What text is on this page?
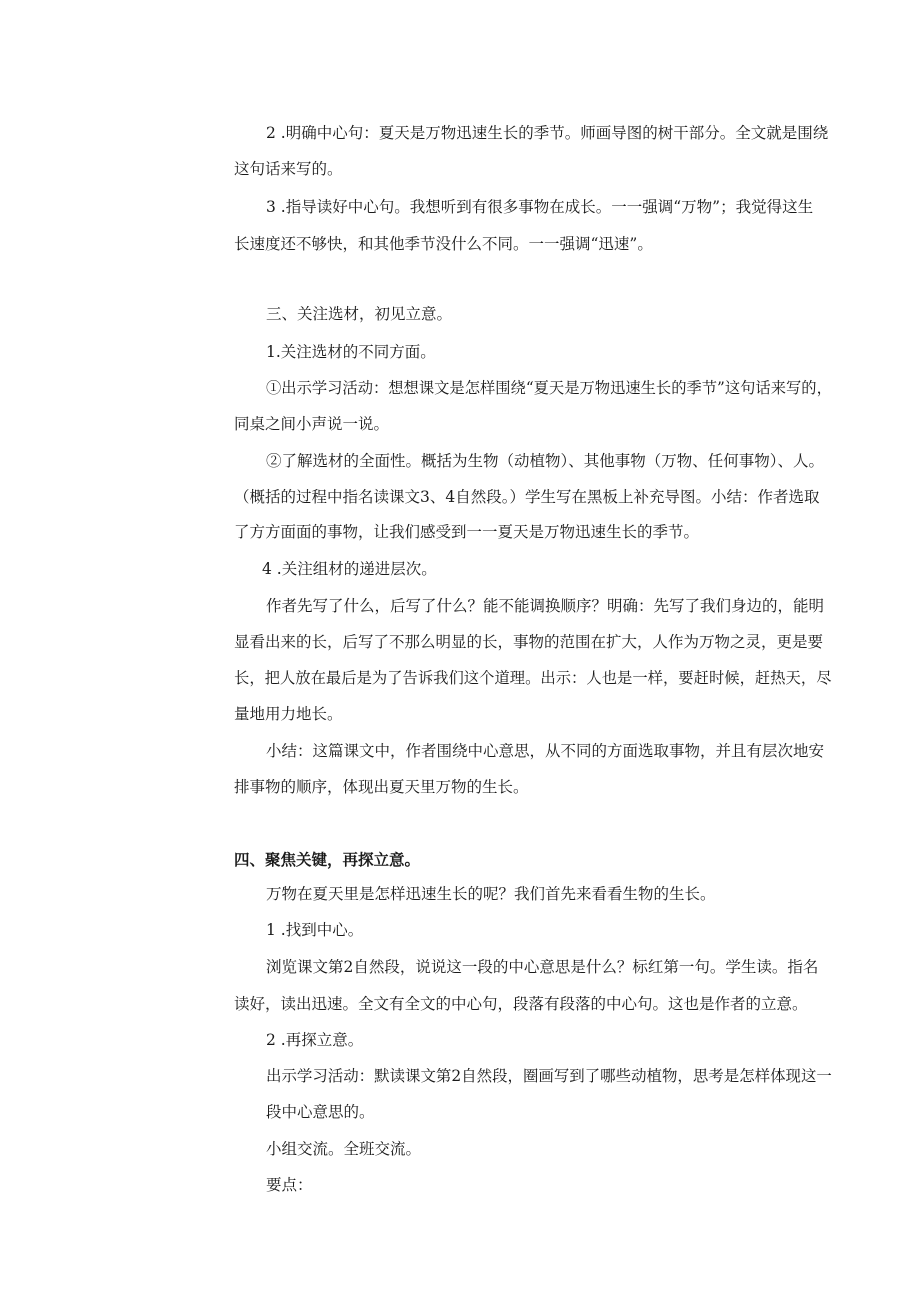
2 .明确中心句：夏天是万物迅速生长的季节。师画导图的树干部分。全文就是围绕
这句话来写的。
3 .指导读好中心句。我想听到有很多事物在成长。一一强调“万物”；我觉得这生
长速度还不够快，和其他季节没什么不同。一一强调“迅速”。
三、关注选材，初见立意。
1.关注选材的不同方面。
①出示学习活动：想想课文是怎样围绕“夏天是万物迅速生长的季节”这句话来写的，
同桌之间小声说一说。
②了解选材的全面性。概括为生物（动植物）、其他事物（万物、任何事物）、人。
（概括的过程中指名读课文3、4自然段。）学生写在黑板上补充导图。小结：作者选取
了方方面面的事物，让我们感受到一一夏天是万物迅速生长的季节。
4 .关注组材的递进层次。
作者先写了什么，后写了什么？能不能调换顺序？明确：先写了我们身边的，能明
显看出来的长，后写了不那么明显的长，事物的范围在扩大，人作为万物之灵，更是要
长，把人放在最后是为了告诉我们这个道理。出示：人也是一样，要赶时候，赶热天，尽
量地用力地长。
小结：这篇课文中，作者围绕中心意思，从不同的方面选取事物，并且有层次地安
排事物的顺序，体现出夏天里万物的生长。
四、聚焦关键，再探立意。
万物在夏天里是怎样迅速生长的呢？我们首先来看看生物的生长。
1 .找到中心。
浏览课文第2自然段，说说这一段的中心意思是什么？标红第一句。学生读。指名
读好，读出迅速。全文有全文的中心句，段落有段落的中心句。这也是作者的立意。
2 .再探立意。
出示学习活动：默读课文第2自然段，圈画写到了哪些动植物，思考是怎样体现这一
段中心意思的。
小组交流。全班交流。
要点：
